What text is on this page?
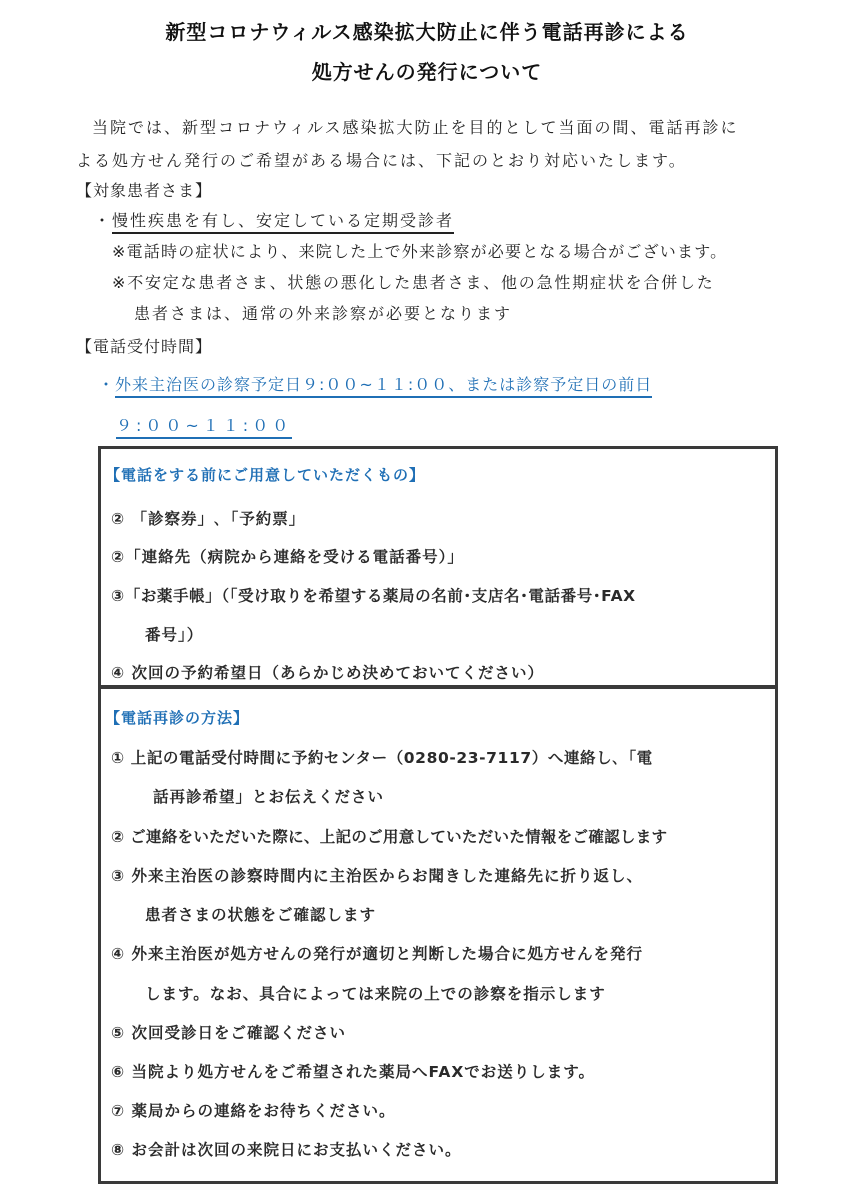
新型コロナウィルス感染拡大防止に伴う電話再診による
処方せんの発行について
当院では、新型コロナウィルス感染拡大防止を目的として当面の間、電話再診に
よる処方せん発行のご希望がある場合には、下記のとおり対応いたします。
【対象患者さま】
・慢性疾患を有し、安定している定期受診者
※電話時の症状により、来院した上で外来診察が必要となる場合がございます。
※不安定な患者さま、状態の悪化した患者さま、他の急性期症状を合併した
患者さまは、通常の外来診察が必要となります
【電話受付時間】
・外来主治医の診察予定日９:００~１１:００、または診察予定日の前日
９:００~１１:００
【電話をする前にご用意していただくもの】
② 「診察券」､「予約票」
②「連絡先（病院から連絡を受ける電話番号）」
③「お薬手帳」（「受け取りを希望する薬局の名前･支店名･電話番号･FAX
番号」）
④ 次回の予約希望日（あらかじめ決めておいてください）
【電話再診の方法】
① 上記の電話受付時間に予約センター（0280-23-7117）へ連絡し､「電
話再診希望」とお伝えください
② ご連絡をいただいた際に、上記のご用意していただいた情報をご確認します
③ 外来主治医の診察時間内に主治医からお聞きした連絡先に折り返し、
患者さまの状態をご確認します
④ 外来主治医が処方せんの発行が適切と判断した場合に処方せんを発行
します。なお、具合によっては来院の上での診察を指示します
⑤ 次回受診日をご確認ください
⑥ 当院より処方せんをご希望された薬局へFAXでお送りします。
⑦ 薬局からの連絡をお待ちください。
⑧ お会計は次回の来院日にお支払いください。
